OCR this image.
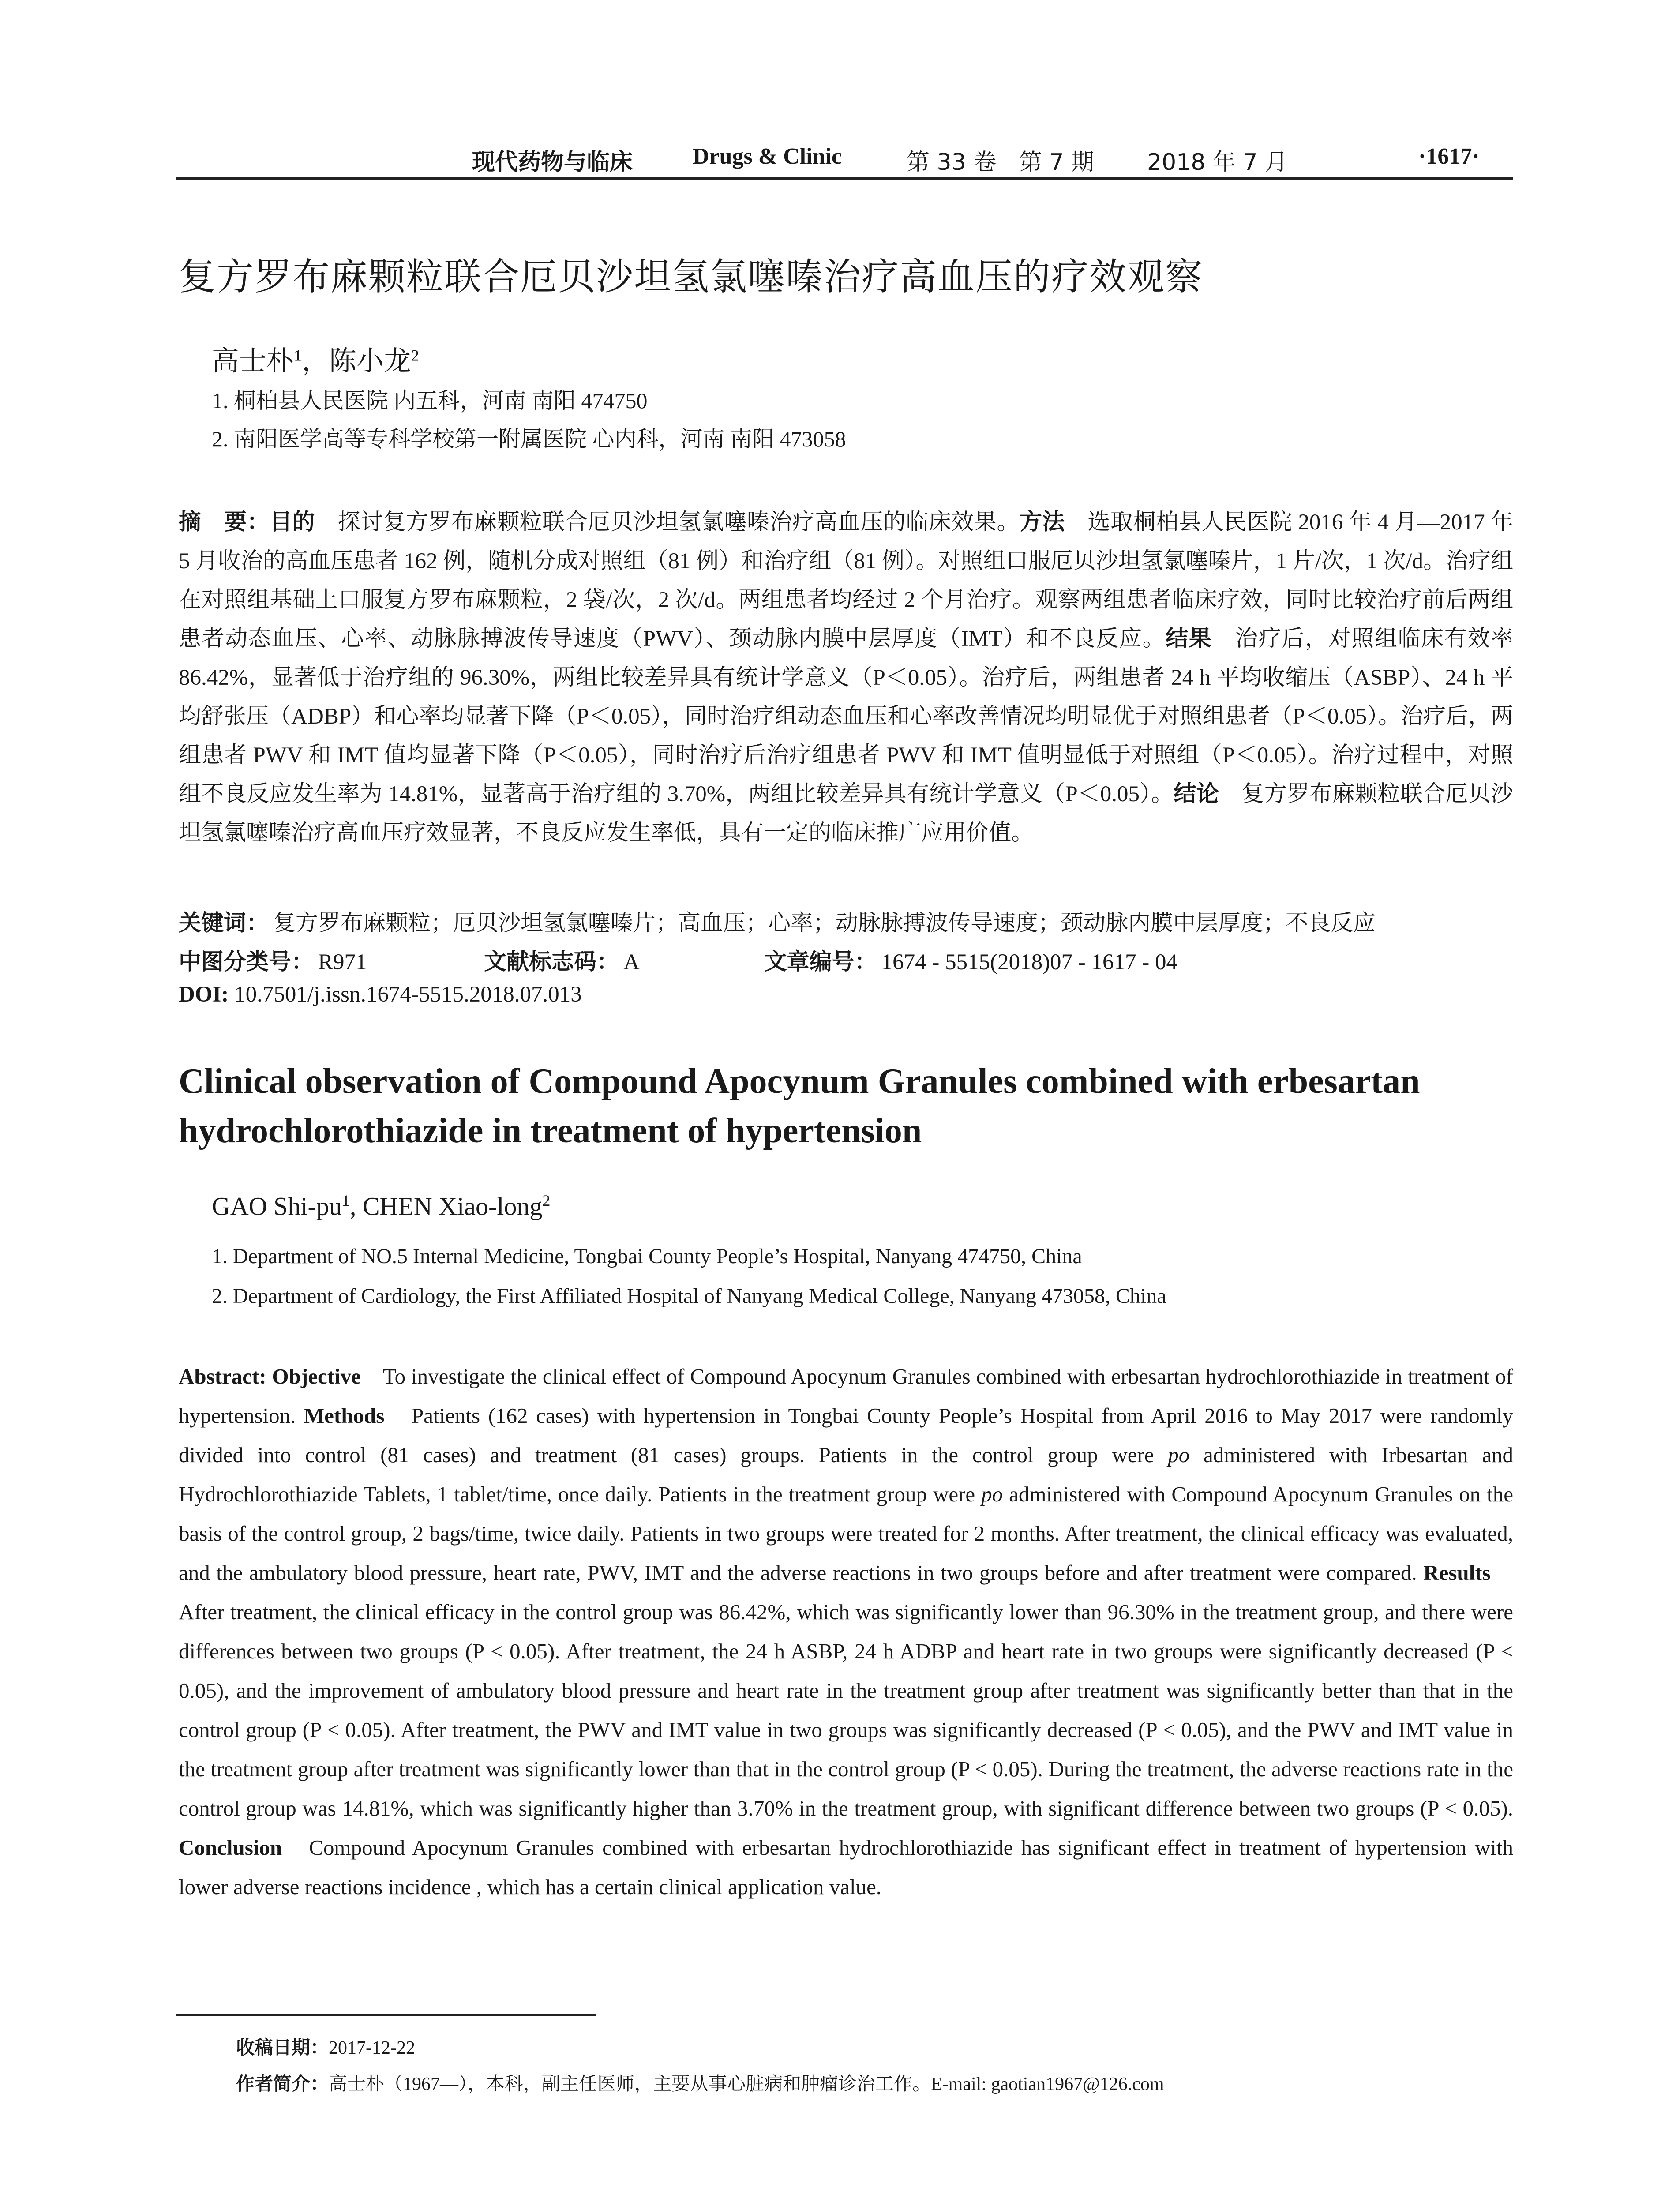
现代药物与临床	Drugs & Clinic	第 33 卷 第 7 期 2018 年 7 月	·1617·
复方罗布麻颗粒联合厄贝沙坦氢氯噻嗪治疗高血压的疗效观察
高士朴$^1$，陈小龙$^2$
1. 桐柏县人民医院 内五科，河南 南阳 474750
2. 南阳医学高等专科学校第一附属医院 心内科，河南 南阳 473058
摘　要：目的　探讨复方罗布麻颗粒联合厄贝沙坦氢氯噻嗪治疗高血压的临床效果。方法　选取桐柏县人民医院 2016 年 4 月—2017 年 5 月收治的高血压患者 162 例，随机分成对照组（81 例）和治疗组（81 例）。对照组口服厄贝沙坦氢氯噻嗪片，1 片/次，1 次/d。治疗组在对照组基础上口服复方罗布麻颗粒，2 袋/次，2 次/d。两组患者均经过 2 个月治疗。观察两组患者临床疗效，同时比较治疗前后两组患者动态血压、心率、动脉脉搏波传导速度（PWV）、颈动脉内膜中层厚度（IMT）和不良反应。结果　治疗后，对照组临床有效率 86.42%，显著低于治疗组的 96.30%，两组比较差异具有统计学意义（P＜0.05）。治疗后，两组患者 24 h 平均收缩压（ASBP）、24 h 平均舒张压（ADBP）和心率均显著下降（P＜0.05），同时治疗组动态血压和心率改善情况均明显优于对照组患者（P＜0.05）。治疗后，两组患者 PWV 和 IMT 值均显著下降（P＜0.05），同时治疗后治疗组患者 PWV 和 IMT 值明显低于对照组（P＜0.05）。治疗过程中，对照组不良反应发生率为 14.81%，显著高于治疗组的 3.70%，两组比较差异具有统计学意义（P＜0.05）。结论　复方罗布麻颗粒联合厄贝沙坦氢氯噻嗪治疗高血压疗效显著，不良反应发生率低，具有一定的临床推广应用价值。
关键词： 复方罗布麻颗粒；厄贝沙坦氢氯噻嗪片；高血压；心率；动脉脉搏波传导速度；颈动脉内膜中层厚度；不良反应
中图分类号： R971	文献标志码： A	文章编号： 1674 - 5515(2018)07 - 1617 - 04
DOI: 10.7501/j.issn.1674-5515.2018.07.013
Clinical observation of Compound Apocynum Granules combined with erbesartan hydrochlorothiazide in treatment of hypertension
GAO Shi-$pu^1$, CHEN Xiao-long$^2$
1. Department of NO.5 Internal Medicine, Tongbai County People’s Hospital, Nanyang 474750, China
2. Department of Cardiology, the First Affiliated Hospital of Nanyang Medical College, Nanyang 473058, China
Abstract: Objective　To investigate the clinical effect of Compound Apocynum Granules combined with erbesartan hydrochlorothiazide in treatment of hypertension. Methods　Patients (162 cases) with hypertension in Tongbai County People’s Hospital from April 2016 to May 2017 were randomly divided into control (81 cases) and treatment (81 cases) groups. Patients in the control group were po administered with Irbesartan and Hydrochlorothiazide Tablets, 1 tablet/time, once daily. Patients in the treatment group were po administered with Compound Apocynum Granules on the basis of the control group, 2 bags/time, twice daily. Patients in two groups were treated for 2 months. After treatment, the clinical efficacy was evaluated, and the ambulatory blood pressure, heart rate, PWV, IMT and the adverse reactions in two groups before and after treatment were compared. Results　After treatment, the clinical efficacy in the control group was 86.42%, which was significantly lower than 96.30% in the treatment group, and there were differences between two groups (P < 0.05). After treatment, the 24 h ASBP, 24 h ADBP and heart rate in two groups were significantly decreased (P < 0.05), and the improvement of ambulatory blood pressure and heart rate in the treatment group after treatment was significantly better than that in the control group (P < 0.05). After treatment, the PWV and IMT value in two groups was significantly decreased (P < 0.05), and the PWV and IMT value in the treatment group after treatment was significantly lower than that in the control group (P < 0.05). During the treatment, the adverse reactions rate in the control group was 14.81%, which was significantly higher than 3.70% in the treatment group, with significant difference between two groups (P < 0.05). Conclusion　Compound Apocynum Granules combined with erbesartan hydrochlorothiazide has significant effect in treatment of hypertension with lower adverse reactions incidence , which has a certain clinical application value.
收稿日期：2017-12-22
作者简介：高士朴（1967—），本科，副主任医师，主要从事心脏病和肿瘤诊治工作。E-mail: gaotian1967@126.com
